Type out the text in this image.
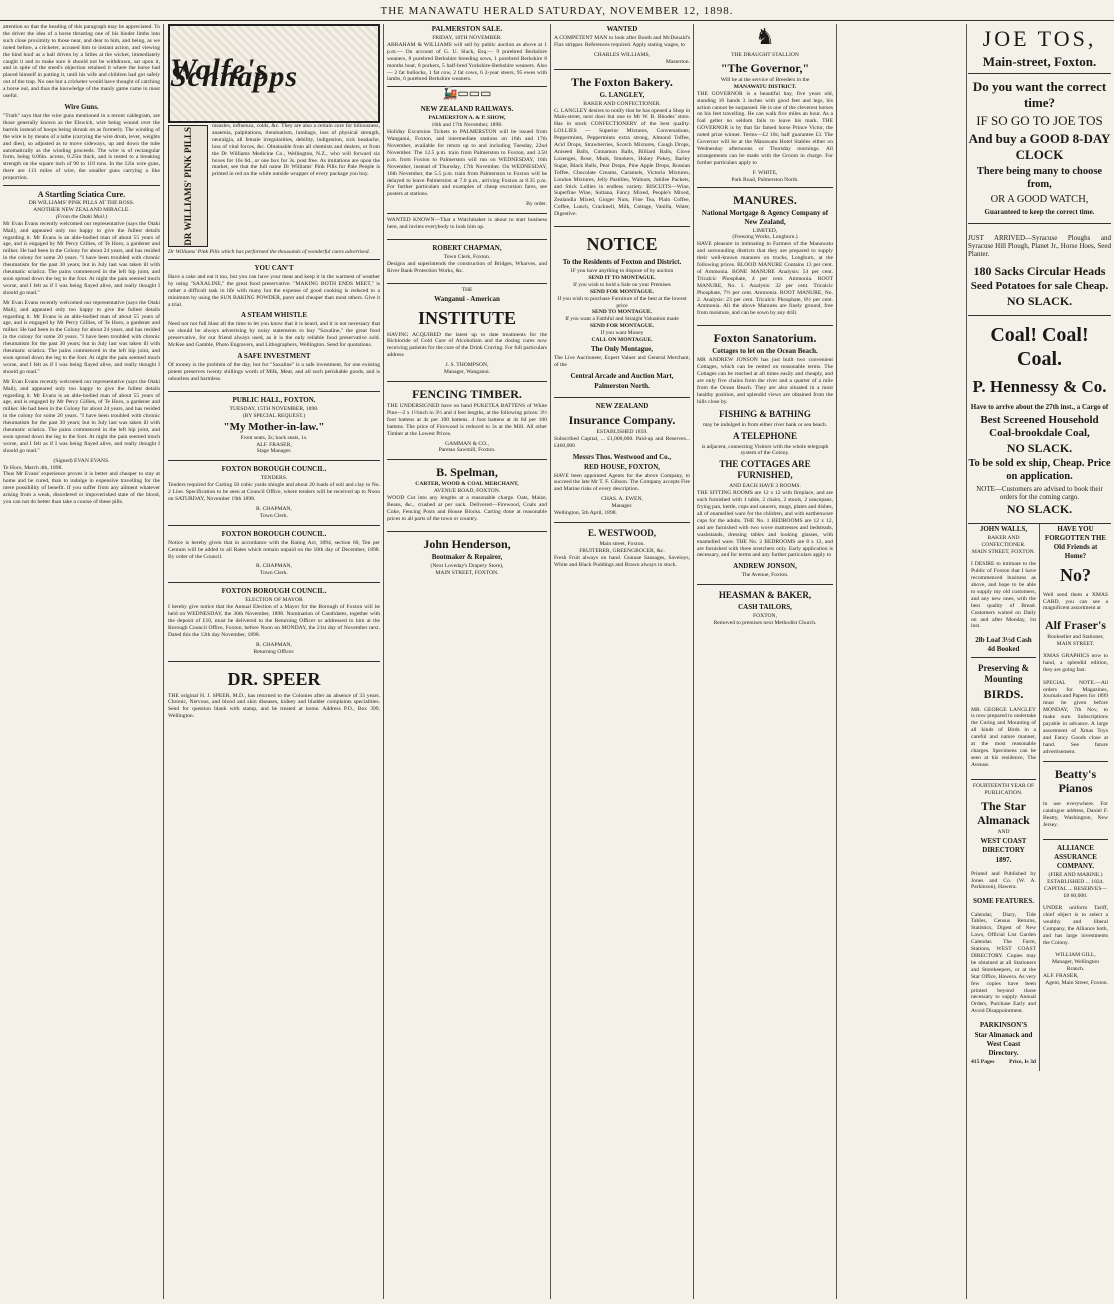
THE MANAWATU HERALD SATURDAY, NOVEMBER 12, 1898.

attention so that the heading of this paragraph may be appreciated. To the driver the idea of a horse thrusting one of his hinder limbs into such close proximity to those near, and dear to him, and being, as we noted before, a cricketer, accused him to instant action, and viewing the hind hoof as a ball driven by a Stiles at the wicket, immediately caught it and to make sure it should not be withdrawn, sat upon it, and in spite of the steed's objection retained it where the horse had placed himself in putting it, until his wife and children had got safely out of the trap. No one but a cricketer would have thought of catching a horse out, and thus the knowledge of the manly game came in most useful.

Wire Guns.

"Truth" says that the wire guns mentioned in a recent cablegram, are those generally known as the Elswick, wire being wound over the barrels instead of hoops being shrunk on as formerly. The winding of the wire is by means of a lathe (carrying the wire drum, lever, weights and dies), so adjusted as to move sideways, up and down the tube automatically as the winding proceeds. The wire is of rectangular form, being 0.06in. across, 0.25in thick, and is tested to a breaking strength on the square inch of 90 to 110 tons. In the 12in wire guns, there are 113 miles of wire, the smaller guns carrying a like proportion.

A Startling Sciatica Cure.
DR WILLIAMS' PINK PILLS AT THE ROSS.
ANOTHER NEW ZEALAND MIRACLE.
(From the Otaki Mail.)

Mr Evan Evans recently welcomed our representative (says the Otaki Mail), and appeared only too happy to give the fullest details regarding it. Mr Evans is an able-bodied man of about 55 years of age, and is engaged by Mr Percy Gillies, of Te Horo, a gardener and milker. He had been in the Colony for about 24 years, and has resided in the colony for some 20 years. "I have been troubled with chronic rheumatism for the past 30 years; but in July last was taken ill with rheumatic sciatica. The pains commenced in the left hip joint, and soon spread down the leg to the foot. At night the pain seemed much worse, and I felt as if I was being flayed alive, and really thought I should go mad."

Mr Evan Evans recently welcomed our representative (says the Otaki Mail), and appeared only too happy to give the fullest details regarding it. Mr Evans is an able-bodied man of about 55 years of age, and is engaged by Mr Percy Gillies, of Te Horo, a gardener and milker. He had been in the Colony for about 24 years, and has resided in the colony for some 20 years. "I have been troubled with chronic rheumatism for the past 30 years; but in July last was taken ill with rheumatic sciatica. The pains commenced in the left hip joint, and soon spread down the leg to the foot. At night the pain seemed much worse, and I felt as if I was being flayed alive, and really thought I should go mad."

Mr Evan Evans recently welcomed our representative (says the Otaki Mail), and appeared only too happy to give the fullest details regarding it. Mr Evans is an able-bodied man of about 55 years of age, and is engaged by Mr Percy Gillies, of Te Horo, a gardener and milker. He had been in the Colony for about 24 years, and has resided in the colony for some 20 years. "I have been troubled with chronic rheumatism for the past 30 years; but in July last was taken ill with rheumatic sciatica. The pains commenced in the left hip joint, and soon spread down the leg to the foot. At night the pain seemed much worse, and I felt as if I was being flayed alive, and really thought I should go mad."

(Signed) EVAN EVANS.
Te Horo, March 4th, 1898.

Thus Mr Evans' experience proves it is better and cheaper to stay at home and be cured, than to indulge in expensive travelling for the mere possibility of benefit. If you suffer from any ailment whatever arising from a weak, disordered or impoverished state of the blood, you can not do better than take a course of these pills.

Wolfe's Schnapps
DR WILLIAMS' PINK PILLS

measles, influenza, colds, &c. They are also a certain cure for biliousness, anaemia, palpitations, rheumatism, lumbago, loss of physical strength, neuralgia, all female irregularities, debility, indigestion, sick headache, loss of vital forces, &c. Obtainable from all chemists and dealers, or from the Dr Williams Medicine Co., Wellington, N.Z., who will forward six boxes for 16s 6d., or one box for 3s. post free. As imitations are upon the market, see that the full name Dr Williams' Pink Pills for Pale People is printed in red on the white outside wrapper of every package you buy.

Dr Williams' Pink Pills which has performed the thousands of wonderful cures advertised.

YOU CAN'T

Have a cake and eat it too, but you can have your meat and keep it in the warmest of weather by using "SAXALINE," the great food preservative. "MAKING BOTH ENDS MEET," is rather a difficult task in life with many but the expense of good cooking is reduced to a minimum by using the SUN BAKING POWDER, purer and cheaper than most others. Give it a trial.

A STEAM WHISTLE

Need not not full blast all the time to let you know that it is heard, and it is not necessary that we should be always advertising by noisy statements to buy "Saxaline," the great food preservative, for our friend always used, as it is the only reliable food preservative sold. McKee and Gamble, Photo Engravers, and Lithographers, Wellington. Send for quotations.

A SAFE INVESTMENT

Of money is the problem of the day, but for "Saxaline" is a safe investment, for one existing potent preserves twenty shillings worth of Milk, Meat, and all such perishable goods, and is odourless and harmless.

PUBLIC HALL, FOXTON.
TUESDAY, 15TH NOVEMBER, 1898.
(BY SPECIAL REQUEST.)
"My Mother-in-law."
Front seats, 2s; back seats, 1s.
ALF. FRASER,
Stage Manager.
FOXTON BOROUGH COUNCIL.
TENDERS.

Tenders required for Carting 50 cubic yards shingle and about 20 loads of soil and clay to No. 2 Line. Specification to be seen at Council Office, where tenders will be received up to Noon on SATURDAY, November 19th 1898.

R. CHAPMAN,
Town Clerk.
FOXTON BOROUGH COUNCIL.

Notice is hereby given that in accordance with the Rating Act, 1894, section 60, Ten per Centum will be added to all Rates which remain unpaid on the 10th day of December, 1898. By order of the Council.

R. CHAPMAN,
Town Clerk.
FOXTON BOROUGH COUNCIL.
ELECTION OF MAYOR

I hereby give notice that the Annual Election of a Mayor for the Borough of Foxton will be held on WEDNESDAY, the 30th November, 1898. Nomination of Candidates, together with the deposit of £10, must be delivered to the Returning Officer or addressed to him at the Borough Council Office, Foxton, before Noon on MONDAY, the 21st day of November next. Dated this the 12th day November, 1898.

R. CHAPMAN,
Returning Officer.
DR. SPEER

THE original H. J. SPEER, M.D., has returned to the Colonies after an absence of 33 years. Chronic, Nervous, and blood and skin diseases, kidney and bladder complaints specialities. Send for question blank with stamp, and be treated at home. Address P.O., Box 399, Wellington.

PALMERSTON SALE.
FRIDAY, 18TH NOVEMBER.

ABRAHAM & WILLIAMS will sell by public auction as above at 1 p.m.— On account of G. U. Slack, Esq.— 9 purebred Berkshire weaners, 8 purebred Berkshire breeding sows, 1 purebred Berkshire 8 months boar, 8 porkers, 5 half-bred Yorkshire-Berkshire weaners. Also— 2 fat bullocks, 1 fat cow, 2 fat cows, 6 2-year steers, 95 ewes with lambs, 6 purebred Berkshire weaners.

🚂▭▭▭
NEW ZEALAND RAILWAYS.
PALMERSTON A. & P. SHOW,
16th and 17th November, 1898.

Holiday Excursion Tickets to PALMERSTON will be issued from Wanganui, Foxton, and intermediate stations on 16th and 17th November, available for return up to and including Tuesday, 22nd November. The 12.5 p.m. train from Palmerston to Foxton, and 3.50 p.m. from Foxton to Palmerston will run on WEDNESDAY, 16th November, instead of Thursday, 17th November. On WEDNESDAY, 16th November, the 5.5 p.m. train from Palmerston to Foxton will be delayed to leave Palmerston at 7.0 p.m., arriving Foxton at 8.35 p.m. For further particulars and examples of cheap excursion fares, see posters at stations.

By order.

WANTED KNOWN—That a Watchmaker is about to start business here, and invites everybody to look him up.

ROBERT CHAPMAN,
Town Clerk, Foxton.

Designs and superintends the construction of Bridges, Wharves, and River Bank Protection Works, &c.

THE
Wanganui - American
INSTITUTE

HAVING ACQUIRED the latest up to date treatments for the Bichloride of Gold Cure of Alcoholism and the dosing cures now receiving patients for the cure of the Drink Craving. For full particulars address

J. S. THOMPSON,
Manager, Wanganui.
FENCING TIMBER.

THE UNDERSIGNED have on hand PUKETEA BATTENS of White Pine—2 x 1½inch in 3½ and 4 feet lengths, at the following prices: 3½ foot battens at 4s per 100 battens. 4 foot battens at 4s 6d per 100 battens. The price of Firewood is reduced to 3s at the Mill. All other Timber at the Lowest Prices.

GAMMAN & CO.,
Paretao Sawmill, Foxton.
B. Spelman,
CARTER, WOOD & COAL MERCHANT,
AVENUE ROAD, FOXTON.

WOOD Cut into any lengths at a reasonable charge. Oats, Maize, Beans, &c., crushed at per sack. Delivered—Firewood, Coals and Coke, Fencing Posts and House Blocks. Carting done at reasonable prices to all parts of the town or country.

John Henderson,
Bootmaker & Repairer,
(Next Loveday's Drapery Store),
MAIN STREET, FOXTON.
WANTED

A COMPETENT MAN to look after Booth and McDonald's Flax stripper. References required. Apply stating wages, to

CHARLES WILLIAMS,
Masterton.
The Foxton Bakery.
G. LANGLEY,
BAKER AND CONFECTIONER.

G. LANGLEY desires to notify that he has opened a Shop in Main-street, next door but one to Mr W. B. Rhodes' store. Has in stock CONFECTIONERY of the best quality. LOLLIES — Superior Mixtures, Conversations, Peppermints, Peppermints extra strong, Almond Toffee, Acid Drops, Strawberries, Scotch Mixtures, Cough Drops, Aniseed Balls, Cinnamon Balls, Billiard Balls, Clove Lozenges, Rose, Musk, Smokers, Hokey Pokey, Barley Sugar, Black Balls, Pear Drops, Pine Apple Drops, Russian Toffee, Chocolate Creams, Caramels, Victoria Mixtures, London Mixtures, Jelly Pastilles, Walnuts, Jubilee Packets, and Stick Lollies in endless variety. BISCUITS—Wine, Superfine Wine, Sultana, Fancy Mixed, People's Mixed, Zealandia Mixed, Ginger Nuts, Fine Tea, Plain Coffee, Coffee, Lunch, Cracknell, Milk, Cottage, Vanilla, Water, Digestive.

NOTICE
To the Residents of Foxton and District.
IF you have anything to dispose of by auction
SEND IT TO MONTAGUE.
If you wish to hold a Sale on your Premises
SEND FOR MONTAGUE.
If you wish to purchase Furniture of the best at the lowest price
SEND TO MONTAGUE.
If you want a Faithful and Straight Valuation made
SEND FOR MONTAGUE.
If you want Money
CALL ON MONTAGUE.
The Only Montague,

The Live Auctioneer, Expert Valuer and General Merchant, of the

Central Arcade and Auction Mart,
Palmerston North.
NEW ZEALAND
Insurance Company.
ESTABLISHED 1859.

Subscribed Capital, ... £1,000,000. Paid-up and Reserves... £460,000

Messrs Thos. Westwood and Co.,
RED HOUSE, FOXTON,

HAVE been appointed Agents for the above Company, to succeed the late Mr T. F. Gibson. The Company accepts Fire and Marine risks of every description.

CHAS. A. EWEN,
Manager.
Wellington, 5th April, 1898.
E. WESTWOOD,
Main street, Foxton.
FRUITERER, GREENGROCER, &c.

Fresh Fruit always on hand. Gunuae Sausages, Saveloys, White and Black Puddings and Brawn always in stock.

♞
THE DRAUGHT STALLION
"The Governor,"
Will be at the service of Breeders in the
MANAWATU DISTRICT.

THE GOVERNOR is a beautiful bay, five years old, standing 16 hands 3 inches with good feet and legs, his action cannot be surpassed. He is one of the cleverest horses on his feet travelling. He can walk five miles an hour. As a foal gelter no seldom fails to leave his mark. THE GOVERNOR is by that far famed horse Prince Victor, the noted prize winner. Terms—£2 10s; half guarantee £3. The Governor will be at the Manawatu Hotel Stables either on Wednesday afternoons or Thursday mornings. All arrangements can be made with the Groom in charge. For further particulars apply to

F. WHITE,
Park Road, Palmerston North.
MANURES.
National Mortgage & Agency Company of New Zealand,
LIMITED,
(Freezing Works, Longburn.)

HAVE pleasure in intimating to Farmers of the Manawatu and surrounding districts that they are prepared to supply their well-known manures on trucks, Longburn, at the following prices. BLOOD MANURE Contains 13 per cent. of Ammonia. BONE MANURE Analysis: 54 per cent. Tricalcic Phosphate, 4 per cent. Ammonia. ROOT MANURE, No. 1. Analysis: 32 per cent. Tricalcic Phosphate, 7½ per cent. Ammonia. ROOT MANURE, No. 2. Analysis: 23 per cent. Tricalcic Phosphate, 8½ per cent. Ammonia. All the above Manures are finely ground, free from moisture, and can be sown by any drill.

Foxton Sanatorium.
Cottages to let on the Ocean Beach.

MR ANDREW JONSON has just built two convenient Cottages, which can be rented on reasonable terms. The Cottages can be reached at all times easily and cheaply, and are only five chains from the river and a quarter of a mile from the Ocean Beach. They are also situated in a most healthy position, and splendid views are obtained from the hills close by.

FISHING & BATHING
may be indulged in from either river bank or sea beach.
A TELEPHONE
is adjacent, connecting Visitors with the whole telegraph system of the Colony.
THE COTTAGES ARE FURNISHED,
AND EACH HAVE 3 ROOMS.

THE SITTING ROOMS are 12 x 12 with fireplace, and are each furnished with 1 table, 2 chairs, 2 stools, 2 saucepans, frying pan, kettle, cups and saucers, mugs, plates and dishes, all of enamelled ware for the children, and with earthenware cups for the adults. THE No. 1 BEDROOMS are 12 x 12, and are furnished with two wove mattresses and bedsteads, washstands, dressing tables and looking glasses, with enamelled ware. THE No. 2 BEDROOMS are 8 x 12, and are furnished with three stretchers only. Early application is necessary, and for terms and any further particulars apply to

ANDREW JONSON,
The Avenue, Foxton.
HEASMAN & BAKER,
CASH TAILORS,
FOXTON,
Removed to premises next Methodist Church.

JOE TOS,
Main-street, Foxton.
Do you want the correct time?
IF SO GO TO JOE TOS
And buy a GOOD 8-DAY CLOCK
There being many to choose from,
OR A GOOD WATCH,
Guaranteed to keep the correct time.

JUST ARRIVED—Syracuse Ploughs and Syracuse Hill Plough, Planet Jr., Horse Hoes, Seed Planter.

180 Sacks Circular Heads
Seed Potatoes for sale Cheap.
NO SLACK.
Coal! Coal! Coal.
P. Hennessy & Co.
Have to arrive about the 27th inst., a Cargo of
Best Screened Household Coal-brookdale Coal,
NO SLACK.
To be sold ex ship, Cheap. Price on application.
NOTE—Customers are advised to book their orders for the coming cargo.
NO SLACK.
JOHN WALLS,
BAKER AND CONFECTIONER.
MAIN STREET, FOXTON.

I DESIRE to intimate to the Public of Foxton that I have recommenced business as above, and hope to be able to supply my old customers, and any new ones, with the best quality of Bread. Customers waited on Daily on and after Monday, 1st inst.

2lb Loaf 3½d Cash 4d Booked
Preserving & Mounting
BIRDS.

MR. GEORGE LANGLEY is now prepared to undertake the Curing and Mounting of all kinds of Birds in a careful and nature manner, at the most reasonable charges. Specimens can be seen at his residence, The Avenue.

FOURTEENTH YEAR OF PUBLICATION.
The Star Almanack
AND
WEST COAST DIRECTORY
1897.

Printed and Published by Jones and Co. (W. A. Parkinson), Hawera.

SOME FEATURES.

Calendar, Diary, Tide Tables, Census Returns, Statistics, Digest of New Laws, Official List Garden Calendar. The Farm, Stations, WEST COAST DIRECTORY. Copies may be obtained at all Stationers and Storekeepers, or at the Star Office, Hawera. As very few copies have been printed beyond those necessary to supply Annual Orders, Purchase Early and Avoid Disappointment.

PARKINSON'S
Star Almanack and West Coast Directory.
415 Pages	Price, Is 3d
HAVE YOU FORGOTTEN THE Old Friends at Home?
No?

Well send them a XMAS CARD, you can see a magnificent assortment at

Alf Fraser's
Bookseller and Stationer,
MAIN STREET.

XMAS GRAPHICS now to hand, a splendid edition, they are going fast.

SPECIAL NOTE.—All orders for Magazines, Journals and Papers for 1899 must be given before MONDAY, 7th Nov, to make sure. Subscriptions payable in advance. A large assortment of Xmas Toys and Fancy Goods close at hand. See future advertisement.

Beatty's Pianos

in use everywhere. For catalogue address, Daniel F. Beatty, Washington, New Jersey.

ALLIANCE ASSURANCE COMPANY.
(FIRE AND MARINE.)
ESTABLISHED ... 1824.
CAPITAL ... RESERVES—£8 60,000.

UNDER uniform Tariff, chief object is to select a wealthy and liberal Company, the Alliance both, and has large investments the Colony.

WILLIAM GILL,
Manager, Wellington Branch.
ALF. FRASER,
Agent, Main Street, Foxton.
